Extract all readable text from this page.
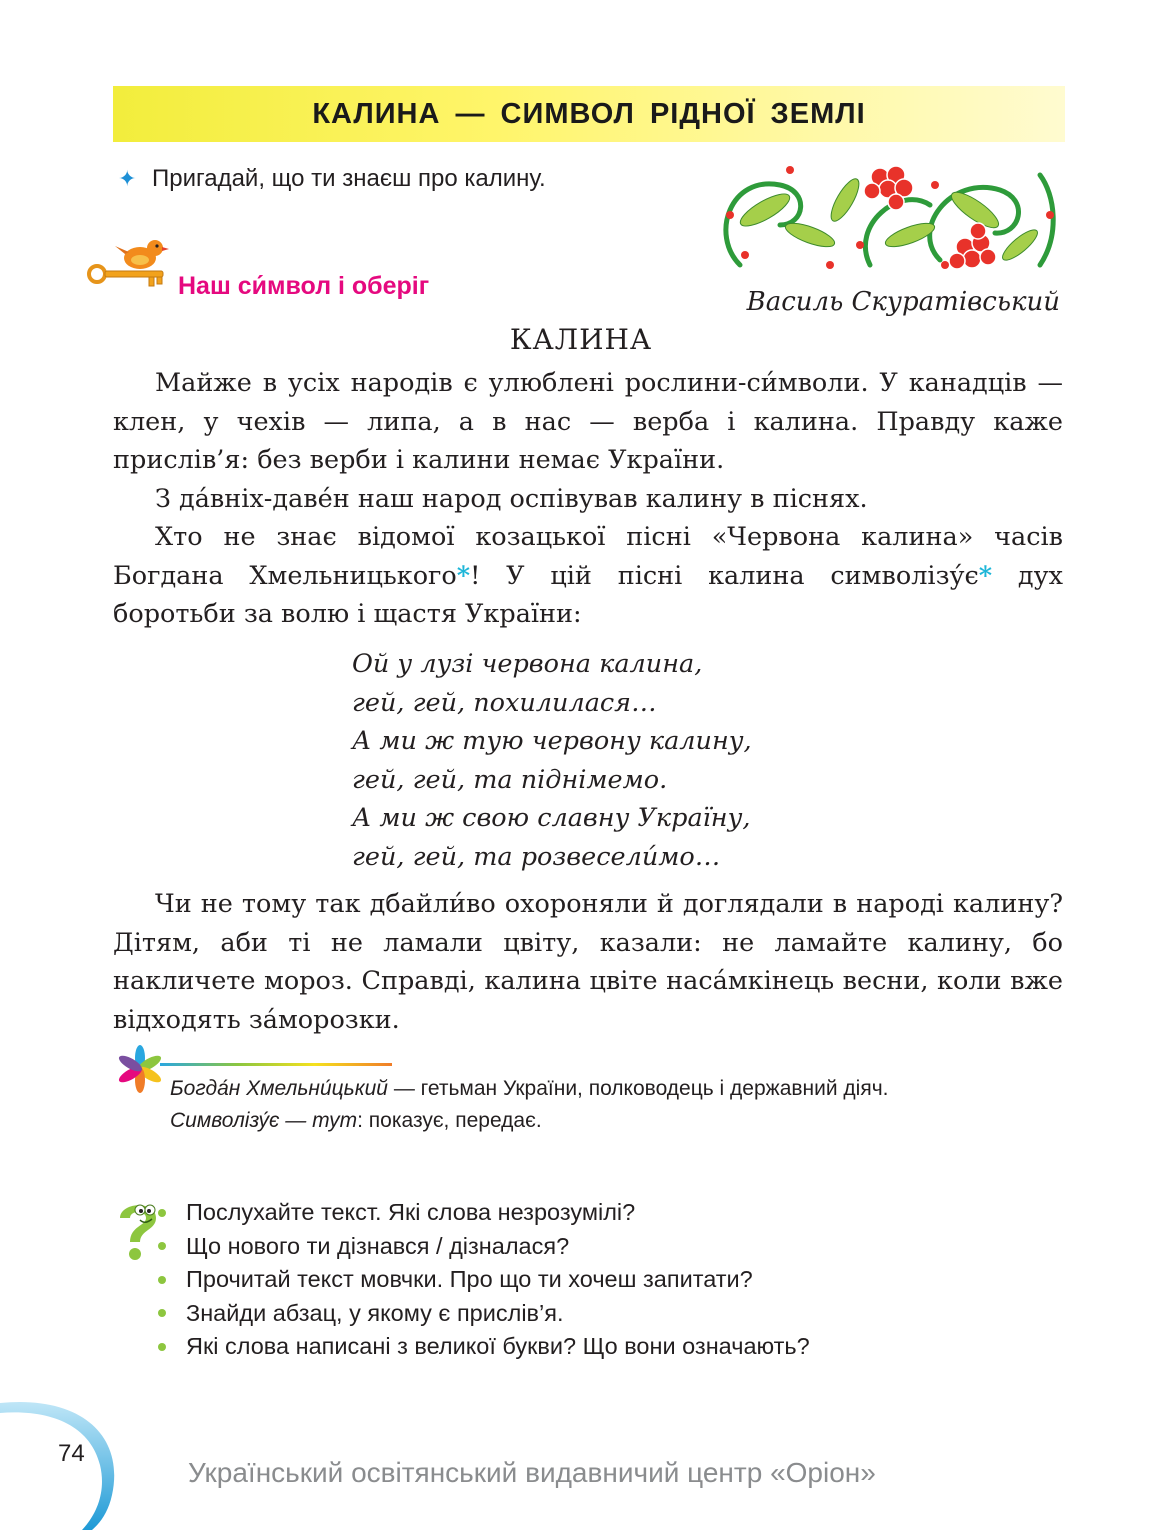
КАЛИНА — СИМВОЛ РІДНОЇ ЗЕМЛІ
✦ Пригадай, що ти знаєш про калину.
Наш си́мвол і оберіг
Василь Скуратівський
КАЛИНА

Майже в усіх народів є улюблені рослини-си́мволи. У канадців — клен, у чехів — липа, а в нас — верба і калина. Правду каже прислів’я: без верби і калини немає України.

З да́вніх-даве́н наш народ оспівував калину в піснях.

Хто не знає відомої козацької пісні «Червона калина» часів Богдана Хмельницького*! У цій пісні калина символізу́є* дух боротьби за волю і щастя України:

Ой у лузі червона калина,
гей, гей, похилилася…
А ми ж тую червону калину,
гей, гей, та піднімемо.
А ми ж свою славну Україну,
гей, гей, та розвесели́мо…

Чи не тому так дбайли́во охороняли й доглядали в народі калину? Дітям, аби ті не ламали цвіту, казали: не ламайте калину, бо накличете мороз. Справді, калина цвіте наса́мкінець весни, коли вже відходять за́морозки.

Богда́н Хмельни́цький — гетьман України, полководець і державний діяч.

Символізу́є — тут: показує, передає.

Послухайте текст. Які слова незрозумілі?
Що нового ти дізнався / дізналася?
Прочитай текст мовчки. Про що ти хочеш запитати?
Знайди абзац, у якому є прислів’я.
Які слова написані з великої букви? Що вони означають?
74
Український освітянський видавничий центр «Оріон»
